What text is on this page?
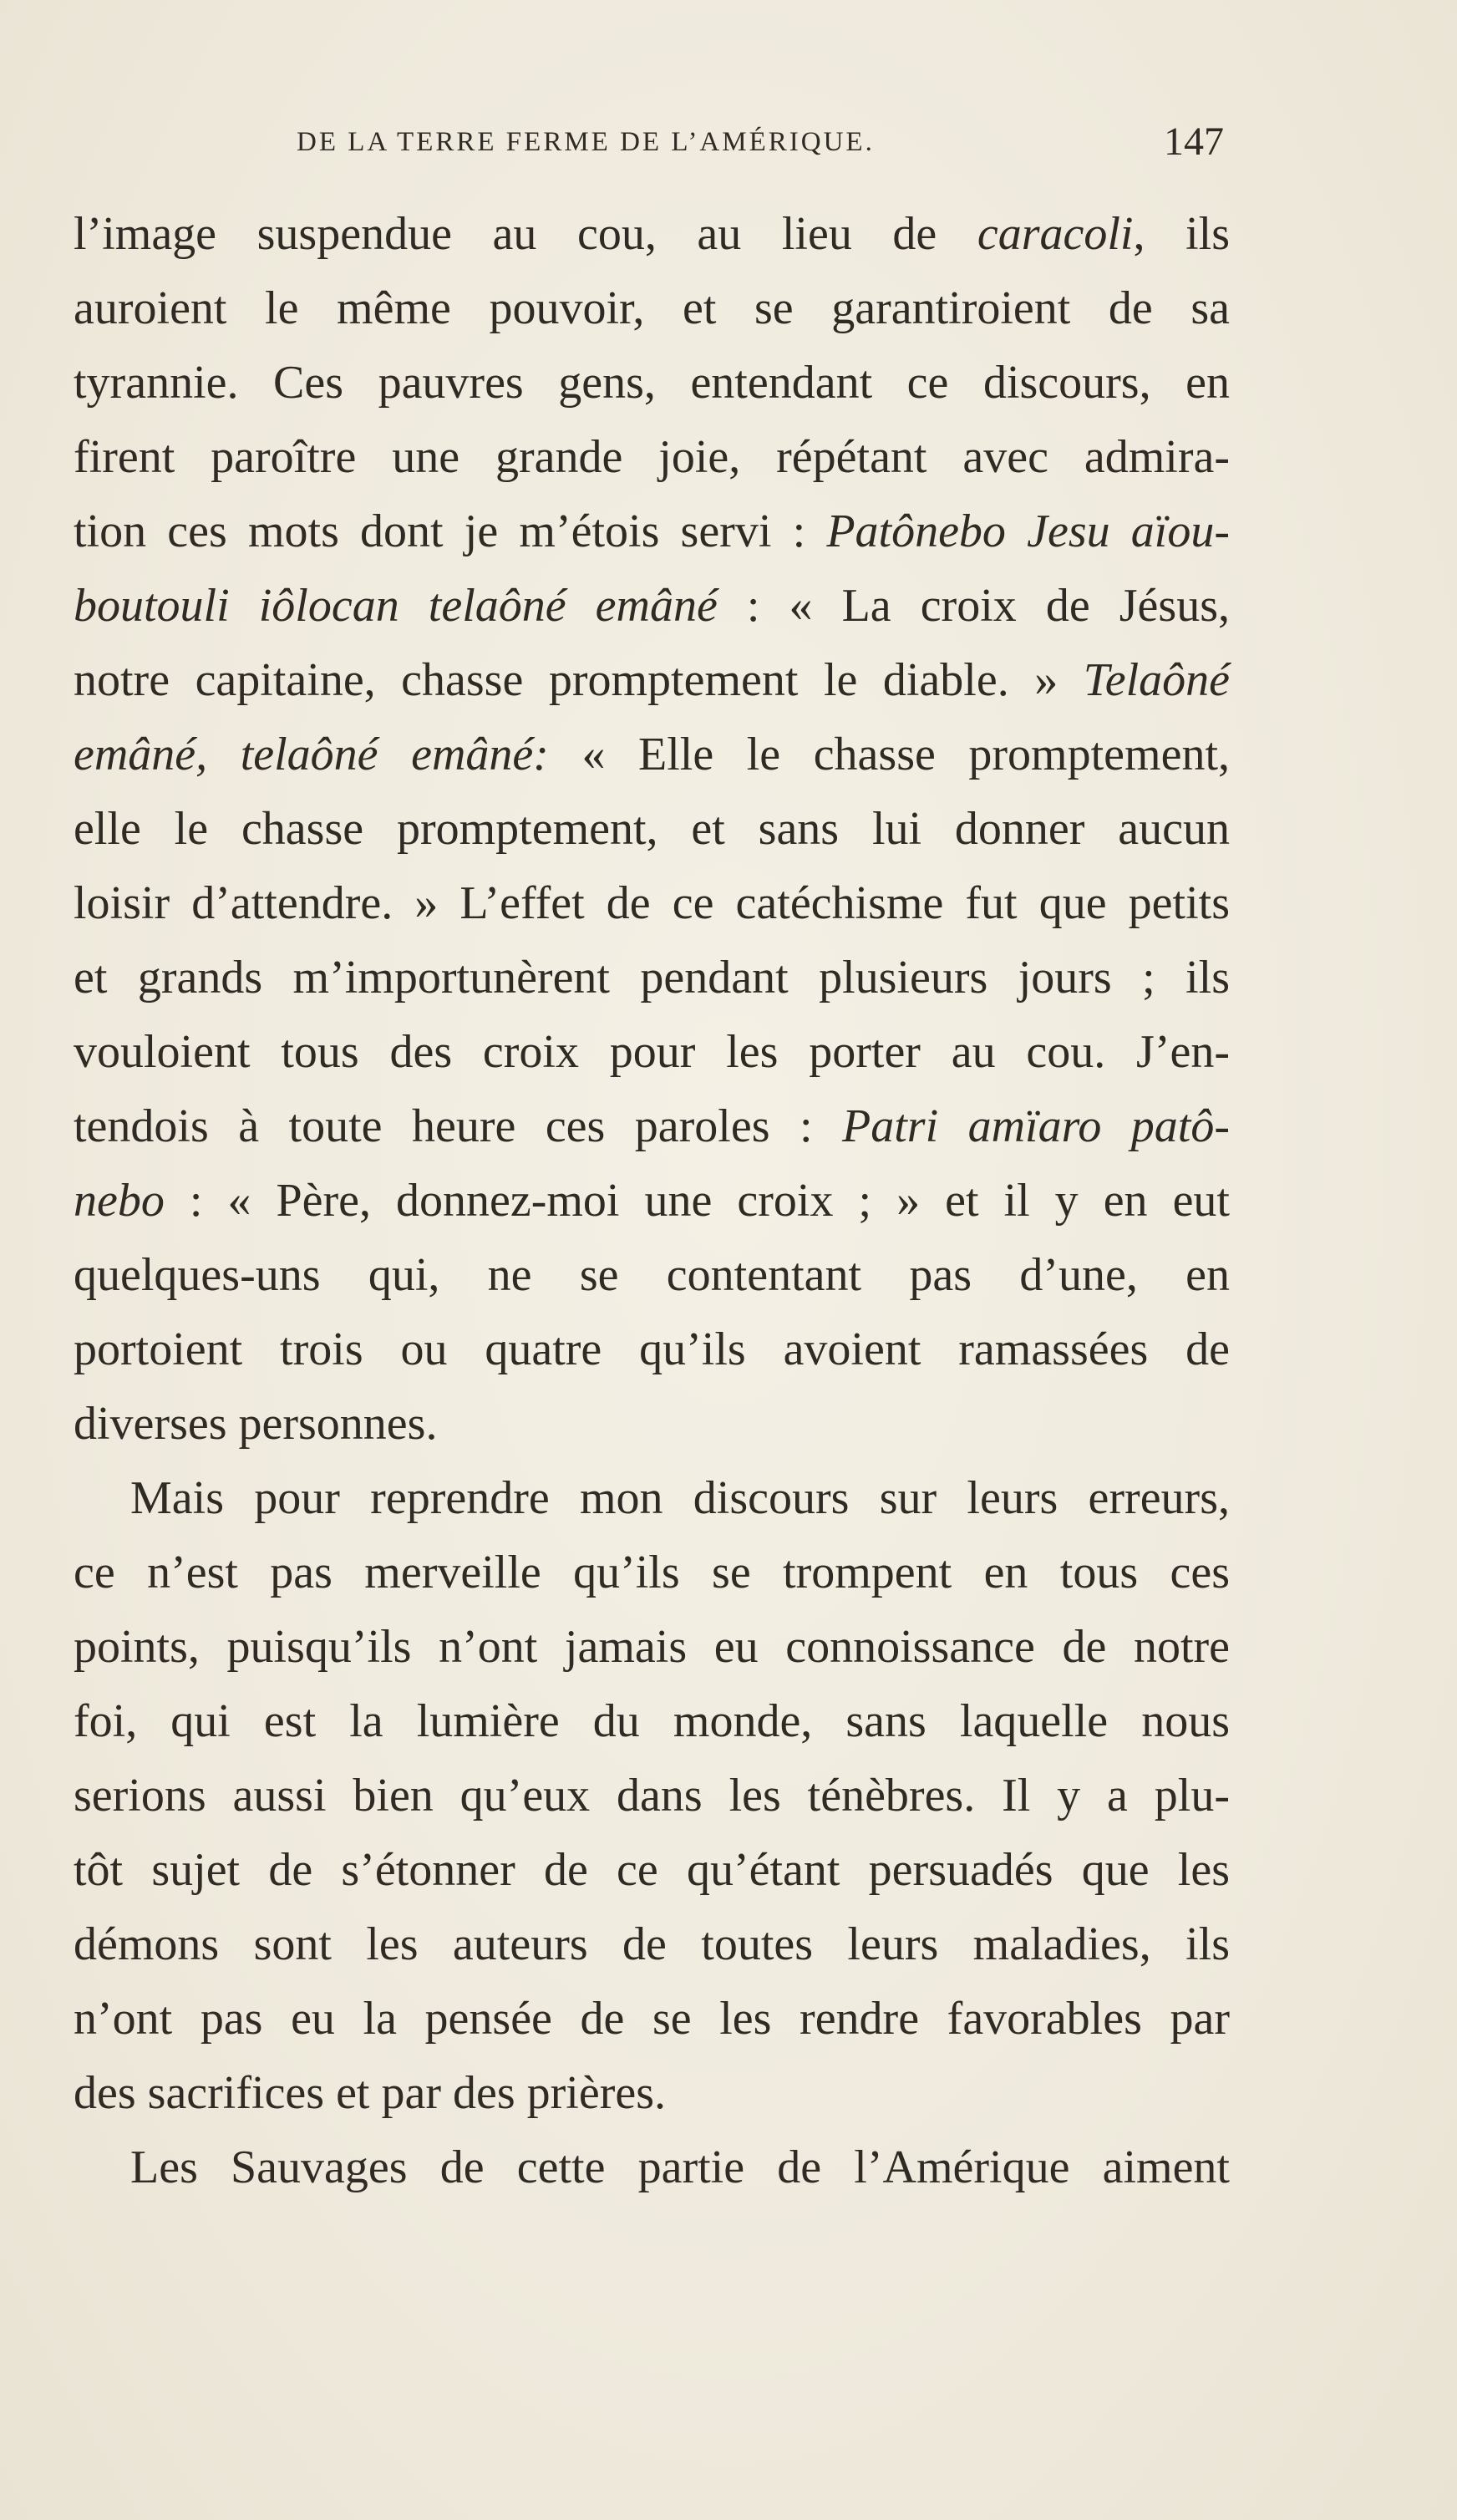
DE LA TERRE FERME DE L’AMÉRIQUE.	147
l’image suspendue au cou, au lieu de caracoli, ils
auroient le même pouvoir, et se garantiroient de sa
tyrannie. Ces pauvres gens, entendant ce discours, en
firent paroître une grande joie, répétant avec admira-
tion ces mots dont je m’étois servi : Patônebo Jesu aïou-
boutouli iôlocan telaôné emâné : « La croix de Jésus,
notre capitaine, chasse promptement le diable. » Telaôné
emâné, telaôné emâné: « Elle le chasse promptement,
elle le chasse promptement, et sans lui donner aucun
loisir d’attendre. » L’effet de ce catéchisme fut que petits
et grands m’importunèrent pendant plusieurs jours ; ils
vouloient tous des croix pour les porter au cou. J’en-
tendois à toute heure ces paroles : Patri amïaro patô-
nebo : « Père, donnez-moi une croix ; » et il y en eut
quelques-uns qui, ne se contentant pas d’une, en
portoient trois ou quatre qu’ils avoient ramassées de
diverses personnes.
Mais pour reprendre mon discours sur leurs erreurs,
ce n’est pas merveille qu’ils se trompent en tous ces
points, puisqu’ils n’ont jamais eu connoissance de notre
foi, qui est la lumière du monde, sans laquelle nous
serions aussi bien qu’eux dans les ténèbres. Il y a plu-
tôt sujet de s’étonner de ce qu’étant persuadés que les
démons sont les auteurs de toutes leurs maladies, ils
n’ont pas eu la pensée de se les rendre favorables par
des sacrifices et par des prières.
Les Sauvages de cette partie de l’Amérique aiment
